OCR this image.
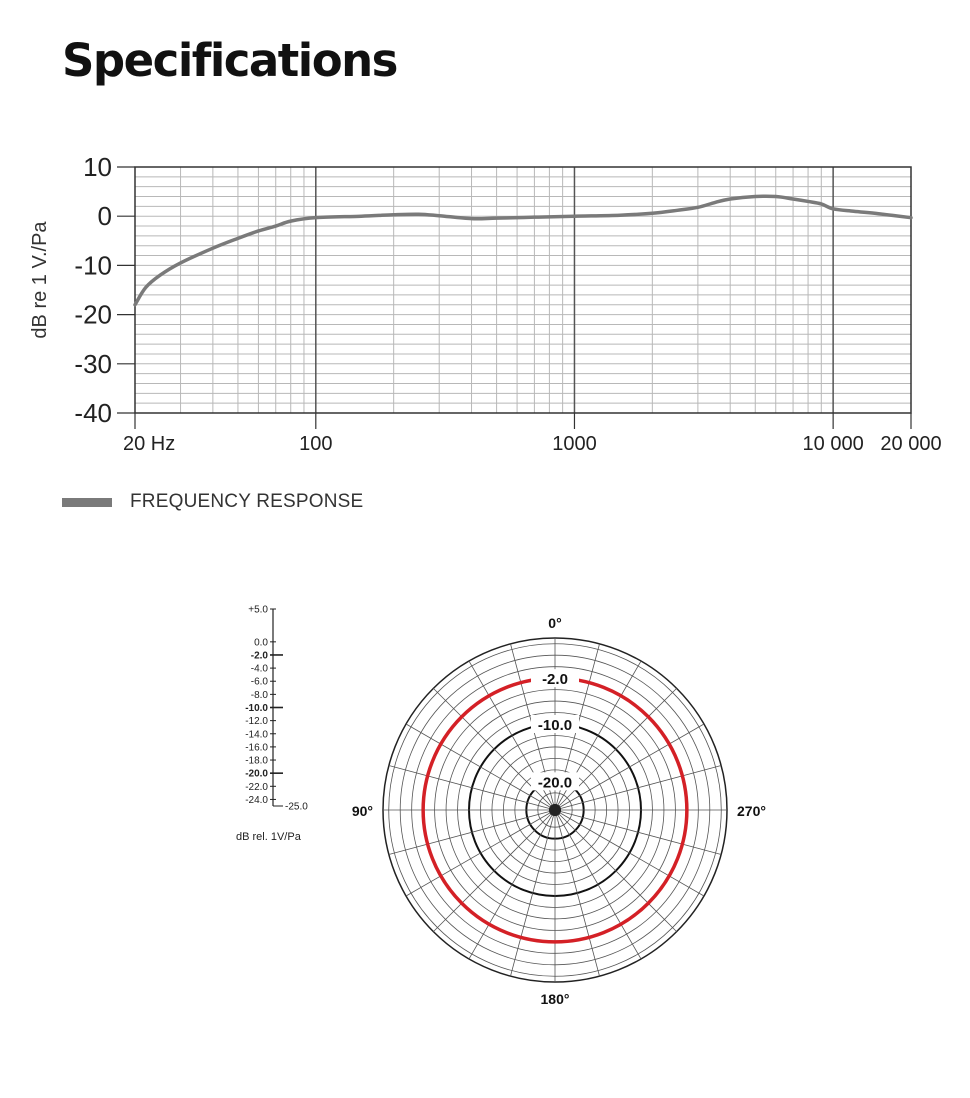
Specifications
10
0
-10
-20
-30
-40
20 Hz	100	1000	10 000 20 000
dB re 1 V./Pa
FREQUENCY RESPONSE
+5.0
0.0
-2.0
-4.0
-6.0
-8.0
-10.0
-12.0
-14.0
-16.0
-18.0
-20.0
-22.0
-24.0
-25.0
dB rel. 1V/Pa
-2.0
-10.0
-20.0
0°
90°
180°
270°
